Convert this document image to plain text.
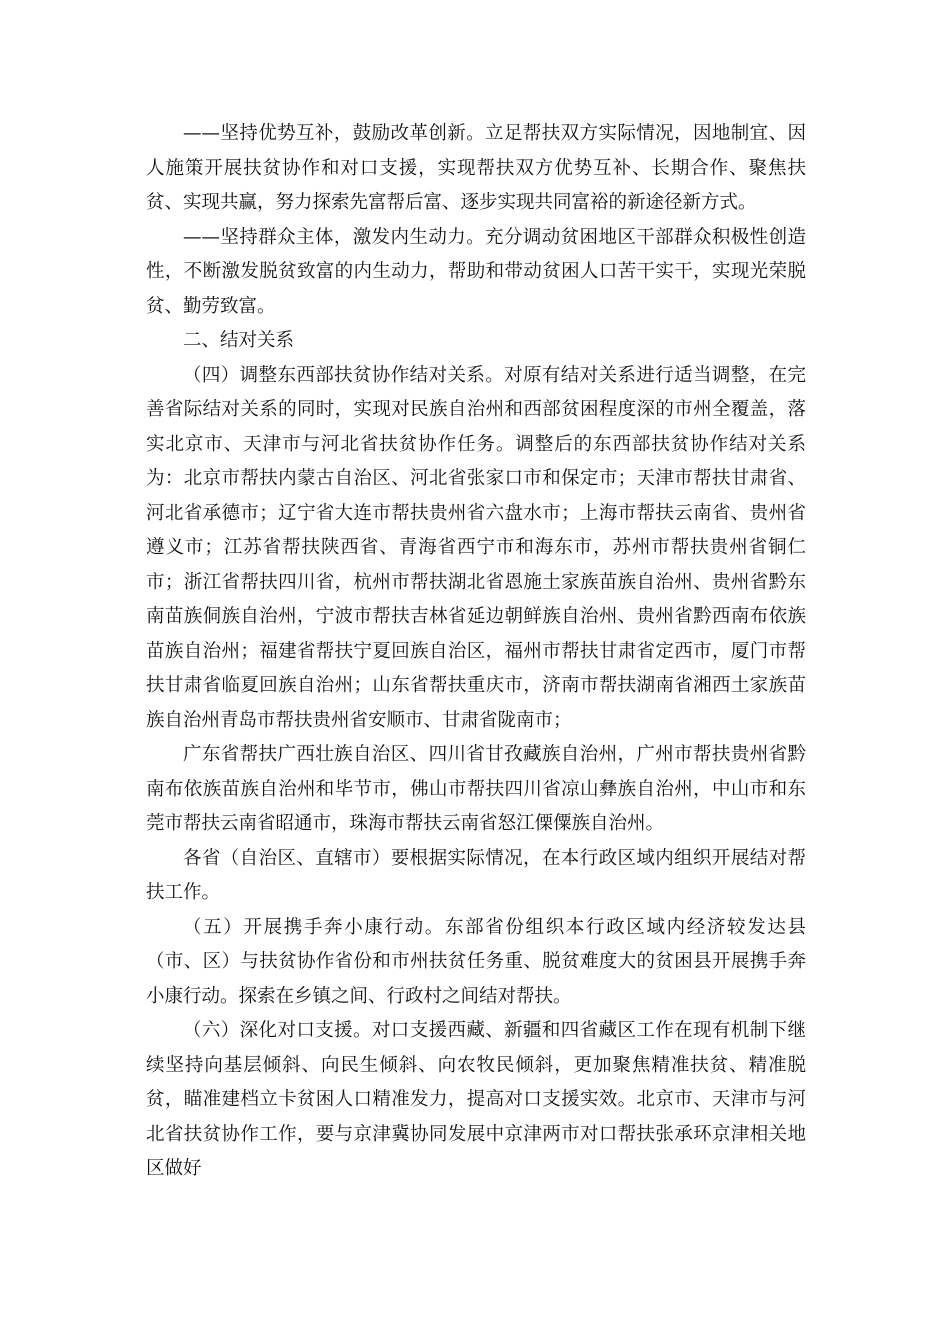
——坚持优势互补，鼓励改革创新。立足帮扶双方实际情况，因地制宜、因人施策开展扶贫协作和对口支援，实现帮扶双方优势互补、长期合作、聚焦扶贫、实现共赢，努力探索先富帮后富、逐步实现共同富裕的新途径新方式。

——坚持群众主体，激发内生动力。充分调动贫困地区干部群众积极性创造性，不断激发脱贫致富的内生动力，帮助和带动贫困人口苦干实干，实现光荣脱贫、勤劳致富。

二、结对关系

（四）调整东西部扶贫协作结对关系。对原有结对关系进行适当调整，在完善省际结对关系的同时，实现对民族自治州和西部贫困程度深的市州全覆盖，落实北京市、天津市与河北省扶贫协作任务。调整后的东西部扶贫协作结对关系为：北京市帮扶内蒙古自治区、河北省张家口市和保定市；天津市帮扶甘肃省、河北省承德市；辽宁省大连市帮扶贵州省六盘水市；上海市帮扶云南省、贵州省遵义市；江苏省帮扶陕西省、青海省西宁市和海东市，苏州市帮扶贵州省铜仁市；浙江省帮扶四川省，杭州市帮扶湖北省恩施土家族苗族自治州、贵州省黔东南苗族侗族自治州，宁波市帮扶吉林省延边朝鲜族自治州、贵州省黔西南布依族苗族自治州；福建省帮扶宁夏回族自治区，福州市帮扶甘肃省定西市，厦门市帮扶甘肃省临夏回族自治州；山东省帮扶重庆市，济南市帮扶湖南省湘西土家族苗族自治州青岛市帮扶贵州省安顺市、甘肃省陇南市；

广东省帮扶广西壮族自治区、四川省甘孜藏族自治州，广州市帮扶贵州省黔南布依族苗族自治州和毕节市，佛山市帮扶四川省凉山彝族自治州，中山市和东莞市帮扶云南省昭通市，珠海市帮扶云南省怒江傈僳族自治州。

各省（自治区、直辖市）要根据实际情况，在本行政区域内组织开展结对帮扶工作。

（五）开展携手奔小康行动。东部省份组织本行政区域内经济较发达县（市、区）与扶贫协作省份和市州扶贫任务重、脱贫难度大的贫困县开展携手奔小康行动。探索在乡镇之间、行政村之间结对帮扶。

（六）深化对口支援。对口支援西藏、新疆和四省藏区工作在现有机制下继续坚持向基层倾斜、向民生倾斜、向农牧民倾斜，更加聚焦精准扶贫、精准脱贫，瞄准建档立卡贫困人口精准发力，提高对口支援实效。北京市、天津市与河北省扶贫协作工作，要与京津冀协同发展中京津两市对口帮扶张承环京津相关地区做好
